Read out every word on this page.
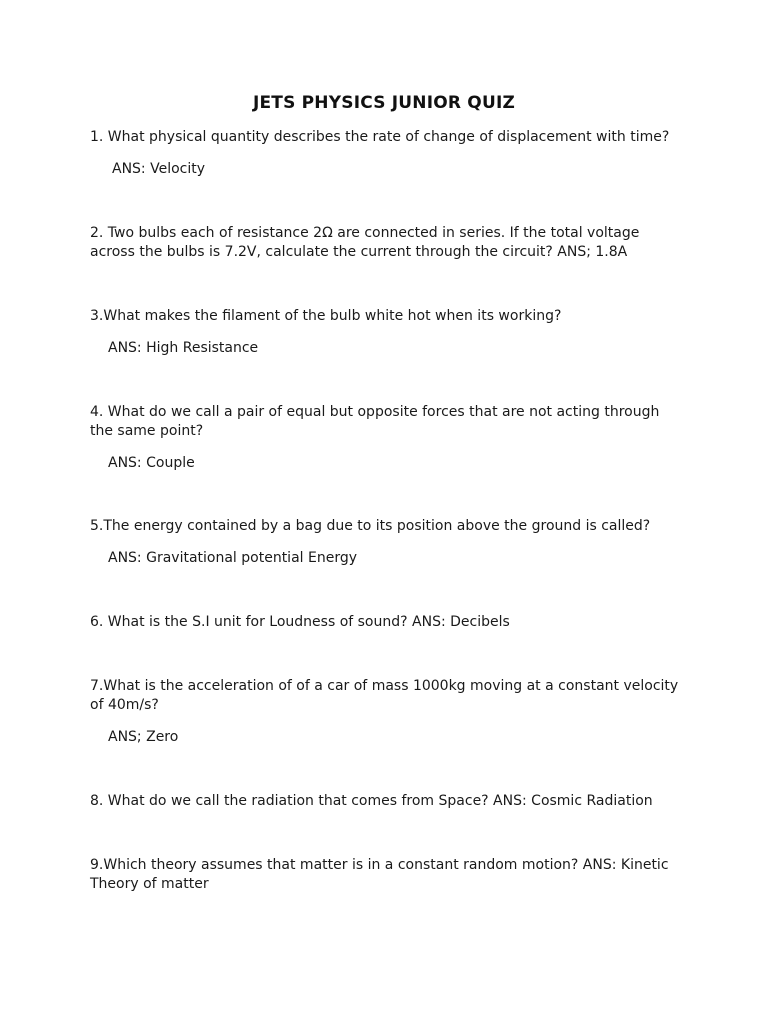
JETS PHYSICS JUNIOR QUIZ
1. What physical quantity describes the rate of change of displacement with time?
ANS: Velocity
2. Two bulbs each of resistance 2Ω are connected in series. If the total voltage
across the bulbs is 7.2V, calculate the current through the circuit? ANS; 1.8A
3.What makes the filament of the bulb white hot when its working?
ANS: High Resistance
4. What do we call a pair of equal but opposite forces that are not acting through
the same point?
ANS: Couple
5.The energy contained by a bag due to its position above the ground is called?
ANS: Gravitational potential Energy
6. What is the S.I unit for Loudness of sound? ANS: Decibels
7.What is the acceleration of of a car of mass 1000kg moving at a constant velocity
of 40m/s?
ANS; Zero
8. What do we call the radiation that comes from Space? ANS: Cosmic Radiation
9.Which theory assumes that matter is in a constant random motion? ANS: Kinetic
Theory of matter
